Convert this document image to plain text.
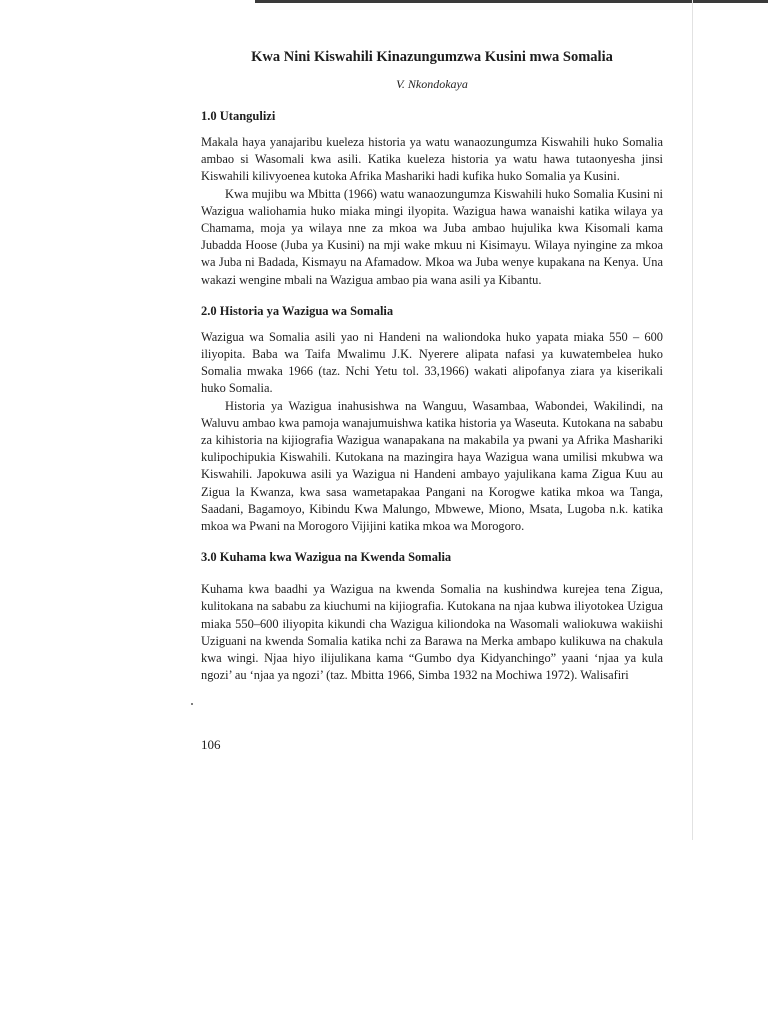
Kwa Nini Kiswahili Kinazungumzwa Kusini mwa Somalia
V. Nkondokaya
1.0 Utangulizi

Makala haya yanajaribu kueleza historia ya watu wanaozungumza Kiswahili huko Somalia ambao si Wasomali kwa asili. Katika kueleza historia ya watu hawa tutaonyesha jinsi Kiswahili kilivyoenea kutoka Afrika Mashariki hadi kufika huko Somalia ya Kusini.

Kwa mujibu wa Mbitta (1966) watu wanaozungumza Kiswahili huko Somalia Kusini ni Wazigua waliohamia huko miaka mingi ilyopita. Wazigua hawa wanaishi katika wilaya ya Chamama, moja ya wilaya nne za mkoa wa Juba ambao hujulika kwa Kisomali kama Jubadda Hoose (Juba ya Kusini) na mji wake mkuu ni Kisimayu. Wilaya nyingine za mkoa wa Juba ni Badada, Kismayu na Afamadow. Mkoa wa Juba wenye kupakana na Kenya. Una wakazi wengine mbali na Wazigua ambao pia wana asili ya Kibantu.

2.0 Historia ya Wazigua wa Somalia

Wazigua wa Somalia asili yao ni Handeni na waliondoka huko yapata miaka 550 – 600 iliyopita. Baba wa Taifa Mwalimu J.K. Nyerere alipata nafasi ya kuwatembelea huko Somalia mwaka 1966 (taz. Nchi Yetu tol. 33,1966) wakati alipofanya ziara ya kiserikali huko Somalia.

Historia ya Wazigua inahusishwa na Wanguu, Wasambaa, Wabondei, Wakilindi, na Waluvu ambao kwa pamoja wanajumuishwa katika historia ya Waseuta. Kutokana na sababu za kihistoria na kijiografia Wazigua wanapakana na makabila ya pwani ya Afrika Mashariki kulipochipukia Kiswahili. Kutokana na mazingira haya Wazigua wana umilisi mkubwa wa Kiswahili. Japokuwa asili ya Wazigua ni Handeni ambayo yajulikana kama Zigua Kuu au Zigua la Kwanza, kwa sasa wametapakaa Pangani na Korogwe katika mkoa wa Tanga, Saadani, Bagamoyo, Kibindu Kwa Malungo, Mbwewe, Miono, Msata, Lugoba n.k. katika mkoa wa Pwani na Morogoro Vijijini katika mkoa wa Morogoro.

3.0 Kuhama kwa Wazigua na Kwenda Somalia

Kuhama kwa baadhi ya Wazigua na kwenda Somalia na kushindwa kurejea tena Zigua, kulitokana na sababu za kiuchumi na kijiografia. Kutokana na njaa kubwa iliyotokea Uzigua miaka 550–600 iliyopita kikundi cha Wazigua kiliondoka na Wasomali waliokuwa wakiishi Uziguani na kwenda Somalia katika nchi za Barawa na Merka ambapo kulikuwa na chakula kwa wingi. Njaa hiyo ilijulikana kama “Gumbo dya Kidyanchingo” yaani ‘njaa ya kula ngozi’ au ‘njaa ya ngozi’ (taz. Mbitta 1966, Simba 1932 na Mochiwa 1972). Walisafiri

106
